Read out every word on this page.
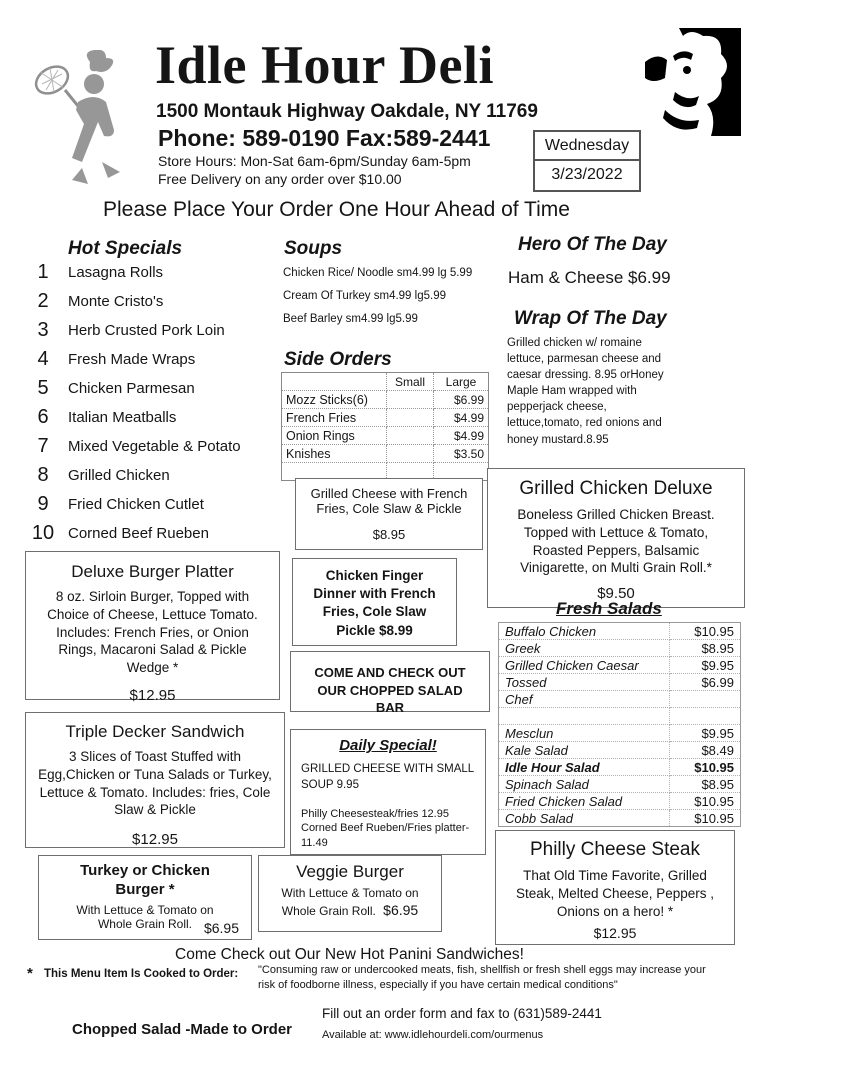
Idle Hour Deli
1500 Montauk Highway Oakdale, NY 11769
Phone: 589-0190 Fax:589-2441
Store Hours: Mon-Sat 6am-6pm/Sunday 6am-5pm
Free Delivery on any order over $10.00
Wednesday
3/23/2022
Please Place Your Order One Hour Ahead of Time
Hot Specials
1	Lasagna Rolls
2	Monte Cristo's
3	Herb Crusted Pork Loin
4	Fresh Made Wraps
5	Chicken Parmesan
6	Italian Meatballs
7	Mixed Vegetable & Potato
8	Grilled Chicken
9	Fried Chicken Cutlet
10 Corned Beef Rueben
Soups
Chicken Rice/ Noodle sm4.99 lg 5.99
Cream Of Turkey sm4.99 lg5.99
Beef Barley sm4.99 lg5.99
Hero Of The Day
Ham & Cheese $6.99
Wrap Of The Day
Grilled chicken w/ romaine lettuce, parmesan cheese and caesar dressing. 8.95 orHoney Maple Ham wrapped with pepperjack cheese, lettuce,tomato, red onions and honey mustard.8.95
Side Orders
	Small	Large
Mozz Sticks(6)		$6.99
French Fries		$4.99
Onion Rings		$4.99
Knishes		$3.50

Grilled Cheese with French Fries, Cole Slaw & Pickle
$8.95
Grilled Chicken Deluxe
Boneless Grilled Chicken Breast. Topped with Lettuce & Tomato, Roasted Peppers, Balsamic Vinigarette, on Multi Grain Roll.*
$9.50
Deluxe Burger Platter
8 oz. Sirloin Burger, Topped with Choice of Cheese, Lettuce Tomato. Includes: French Fries, or Onion Rings, Macaroni Salad & Pickle Wedge *
$12.95
Chicken Finger Dinner with French Fries, Cole Slaw Pickle $8.99
COME AND CHECK OUT OUR CHOPPED SALAD BAR
Fresh Salads
Buffalo Chicken	$10.95
Greek	$8.95
Grilled Chicken Caesar	$9.95
Tossed	$6.99
Chef	

Mesclun	$9.95
Kale Salad	$8.49
Idle Hour Salad	$10.95
Spinach Salad	$8.95
Fried Chicken Salad	$10.95
Cobb Salad	$10.95
Triple Decker Sandwich
3 Slices of Toast Stuffed with Egg,Chicken or Tuna Salads or Turkey, Lettuce & Tomato. Includes: fries, Cole Slaw & Pickle
$12.95
Daily Special!
GRILLED CHEESE WITH SMALL SOUP 9.95
Philly Cheesesteak/fries 12.95
Corned Beef Rueben/Fries platter- 11.49
Turkey or Chicken Burger *
With Lettuce & Tomato on Whole Grain Roll. $6.95
Veggie Burger
With Lettuce & Tomato on Whole Grain Roll. $6.95
Philly Cheese Steak
That Old Time Favorite, Grilled Steak, Melted Cheese, Peppers , Onions on a hero! *
$12.95
Come Check out Our New Hot Panini Sandwiches!
* This Menu Item Is Cooked to Order: "Consuming raw or undercooked meats, fish, shellfish or fresh shell eggs may increase your risk of foodborne illness, especially if you have certain medical conditions"
Fill out an order form and fax to (631)589-2441
Chopped Salad -Made to Order	Available at: www.idlehourdeli.com/ourmenus
